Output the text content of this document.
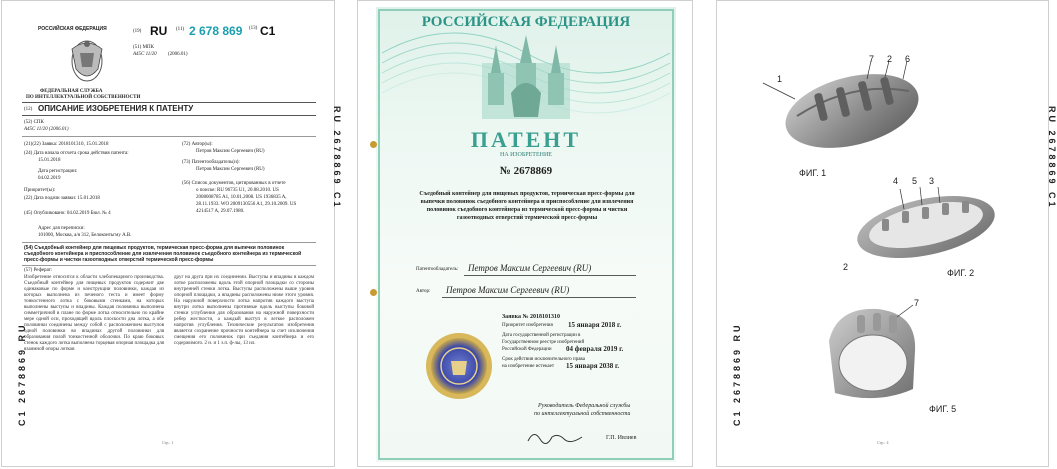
РОССИЙСКАЯ ФЕДЕРАЦИЯ	(19) RU (11) 2 678 869 (13) C1
(51) МПК
A45C 11/20 (2006.01)
ФЕДЕРАЛЬНАЯ СЛУЖБА
ПО ИНТЕЛЛЕКТУАЛЬНОЙ СОБСТВЕННОСТИ
(12) ОПИСАНИЕ ИЗОБРЕТЕНИЯ К ПАТЕНТУ
(52) СПК
A45C 11/20 (2006.01)
(21)(22) Заявка: 2018101310, 15.01.2018
(24) Дата начала отсчета срока действия патента:
15.01.2018
Дата регистрации:
04.02.2019
Приоритет(ы):
(22) Дата подачи заявки: 15.01.2018
(45) Опубликовано: 04.02.2019 Бюл. № 4
Адрес для переписки:
101000, Москва, а/я 312, Белоконтьгму А.В.
(72) Автор(ы):
Петров Максим Сергеевич (RU)
(73) Патентообладатель(и):
Петров Максим Сергеевич (RU)
(56) Список документов, цитированных в отчете
о поиске: RU 96735 U1, 20.08.2010. US
2008008785 A1, 10.01.2008. US 1936835 A,
28.11.1933. WO 2009130556 A1, 29.10.2009. US
4214517 A, 29.07.1980.
(54) Съедобный контейнер для пищевых продуктов, термическая пресс-форма для выпечки половинок съедобного контейнера и приспособление для извлечения половинок съедобного контейнера из термической пресс-формы и чистки газоотводных отверстий термической пресс-формы
(57) Реферат:
Изобретение относится к области хлебопекарного производства. Съедобный контейнер для пищевых продуктов содержит две одинаковые по форме и конструкции половинки, каждая из которых выполнена из печеного теста и имеет форму тонкостенного лотка с боковыми стенками, на которых выполнены выступы и впадины. Каждая половинка выполнена симметричной в плане по форме лотка относительно по крайне мере одной оси, проходящей вдоль плоскости дна лотка, а обе половинки соединены между собой с расположением выступов одной половинки во впадинах другой половинки для образования полой тонкостенной оболочки. По краю боковых стенок каждого лотка выполнена торцевая опорная площадка для взаимной опоры лотков
друг на друга при их соединении. Выступы и впадины в каждом лотке расположены вдоль этой опорной площадки со стороны внутренней стенки лотка. Выступы расположены выше уровня опорной площадки, а впадины расположены ниже этого уровня. На наружной поверхности лотка напротив каждого выступа внутри лотка выполнены противные вдоль выступы боковой стенки углубления для образования на наружной поверхности ребер жесткости, а каждый выступ в легкое расположен напротив углубления. Технические результатом изобретения является сохранение прочности контейнера за счет исключения смещения его половинок при съедания контейнера и его содержимого. 2 н. и 1 з.п. ф-лы, 13 ил.
Стр.: 1
RU 2678869 C1
C1 2678869 RU
РОССИЙСКАЯ ФЕДЕРАЦИЯ
ПАТЕНТ
НА ИЗОБРЕТЕНИЕ
№ 2678869
Съедобный контейнер для пищевых продуктов, термическая пресс-формы для выпечки половинок съедобного контейнера и приспособление для извлечения половинок съедобного контейнера из термической пресс-формы и чистки газоотводных отверстий термической пресс-формы
Патентообладатель: Петров Максим Сергеевич (RU)
Автор: Петров Максим Сергеевич (RU)
Заявка № 2018101310
Приоритет изобретения 15 января 2018 г.
Дата государственной регистрации в
Государственном реестре изобретений
Российской Федерации 04 февраля 2019 г.
Срок действия исключительного права
на изобретение истекает 15 января 2038 г.
Руководитель Федеральной службы
по интеллектуальной собственности
Г.П. Ивлиев
1
7 2 6
ФИГ. 1
4 5 3
2
ФИГ. 2
7
ФИГ. 5
Стр.: 4
RU 2678869 C1
C1 2678869 RU
